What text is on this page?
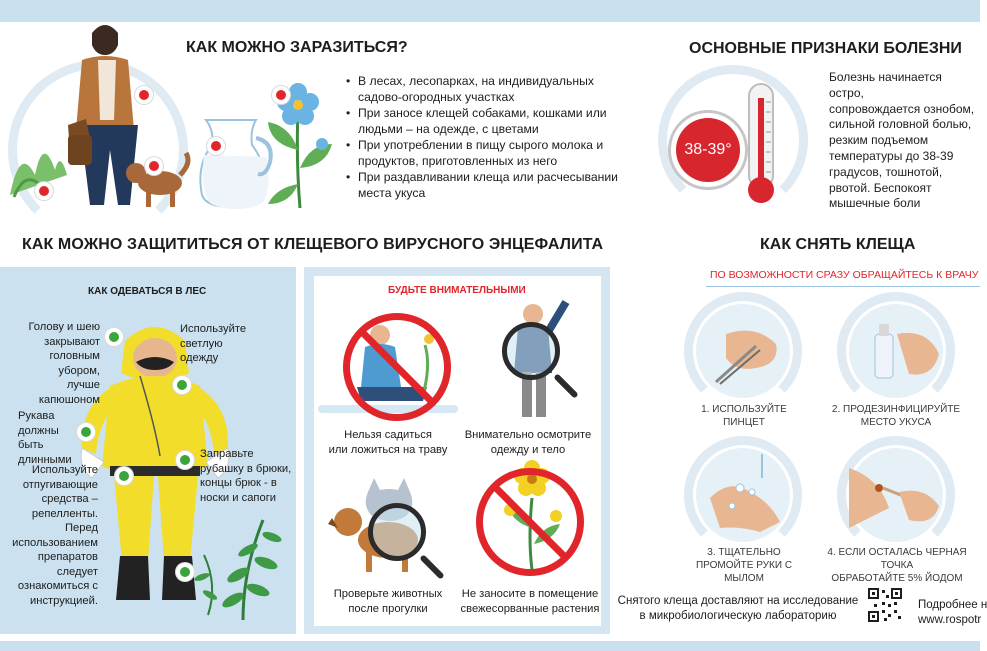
КАК МОЖНО ЗАРАЗИТЬСЯ?
• В лесах, лесопарках, на индивидуальных садово-огородных участках
• При заносе клещей собаками, кошками или людьми – на одежде, с цветами
• При употреблении в пищу сырого молока и продуктов, приготовленных из него
• При раздавливании клеща или расчесывании места укуса
ОСНОВНЫЕ ПРИЗНАКИ БОЛЕЗНИ
38-39°
Болезнь начинается остро,
сопровождается ознобом,
сильной головной болью,
резким подъемом
температуры до 38-39
градусов, тошнотой,
рвотой. Беспокоят
мышечные боли
КАК МОЖНО ЗАЩИТИТЬСЯ ОТ КЛЕЩЕВОГО ВИРУСНОГО ЭНЦЕФАЛИТА
КАК ОДЕВАТЬСЯ В ЛЕС
Голову и шею
закрывают
головным убором,
лучше капюшоном
Используйте
светлую
одежду
Рукава
должны быть
длинными	Заправьте
рубашку в брюки,
концы брюк - в
носки и сапоги
Используйте
отпугивающие
средства –
репелленты.
Перед
использованием
препаратов следует
ознакомиться с
инструкцией.
БУДЬТЕ ВНИМАТЕЛЬНЫМИ
Нельзя садиться
или ложиться на траву
Внимательно осмотрите
одежду и тело
Проверьте животных
после прогулки
Не заносите в помещение
свежесорванные растения
КАК СНЯТЬ КЛЕЩА
ПО ВОЗМОЖНОСТИ СРАЗУ ОБРАЩАЙТЕСЬ К ВРАЧУ
1. ИСПОЛЬЗУЙТЕ
ПИНЦЕТ
2. ПРОДЕЗИНФИЦИРУЙТЕ
МЕСТО УКУСА
3. ТЩАТЕЛЬНО
ПРОМОЙТЕ РУКИ С МЫЛОМ
4. ЕСЛИ ОСТАЛАСЬ ЧЕРНАЯ ТОЧКА
ОБРАБОТАЙТЕ 5% ЙОДОМ
Снятого клеща доставляют на исследование
в микробиологическую лабораторию
Подробнее н
www.rospotr
